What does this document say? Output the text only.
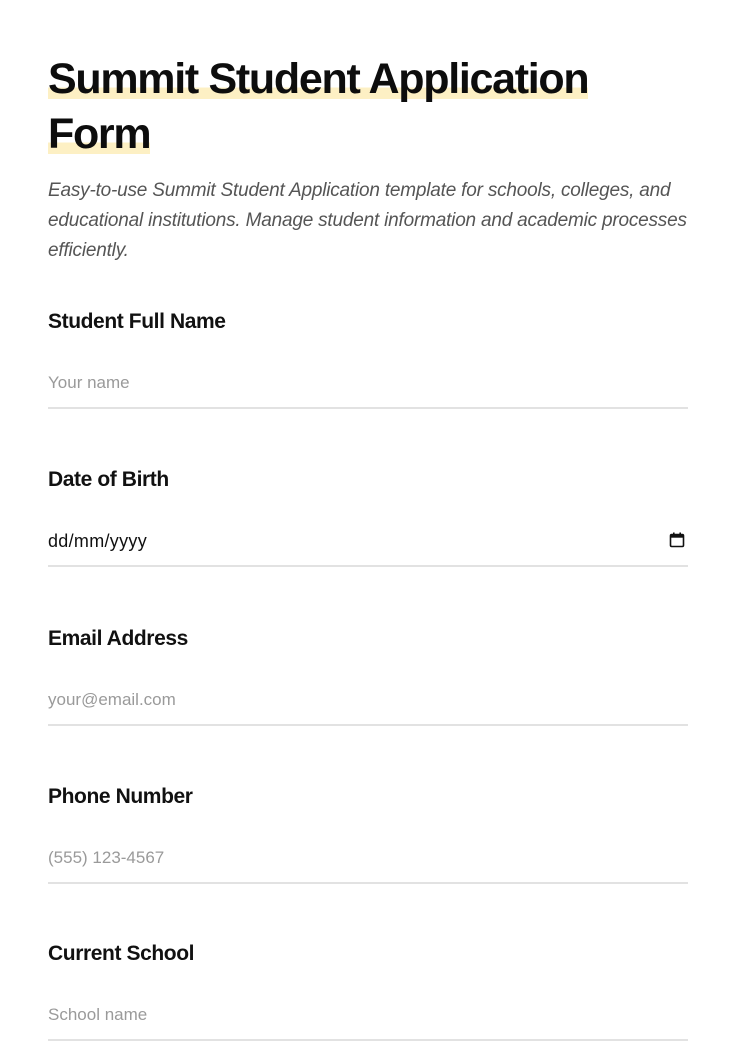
Summit Student Application
Form

Easy-to-use Summit Student Application template for schools, colleges, and educational institutions. Manage student information and academic processes efficiently.

Student Full Name
Your name
Date of Birth
dd/mm/yyyy
Email Address
your@email.com
Phone Number
(555) 123-4567
Current School
School name
